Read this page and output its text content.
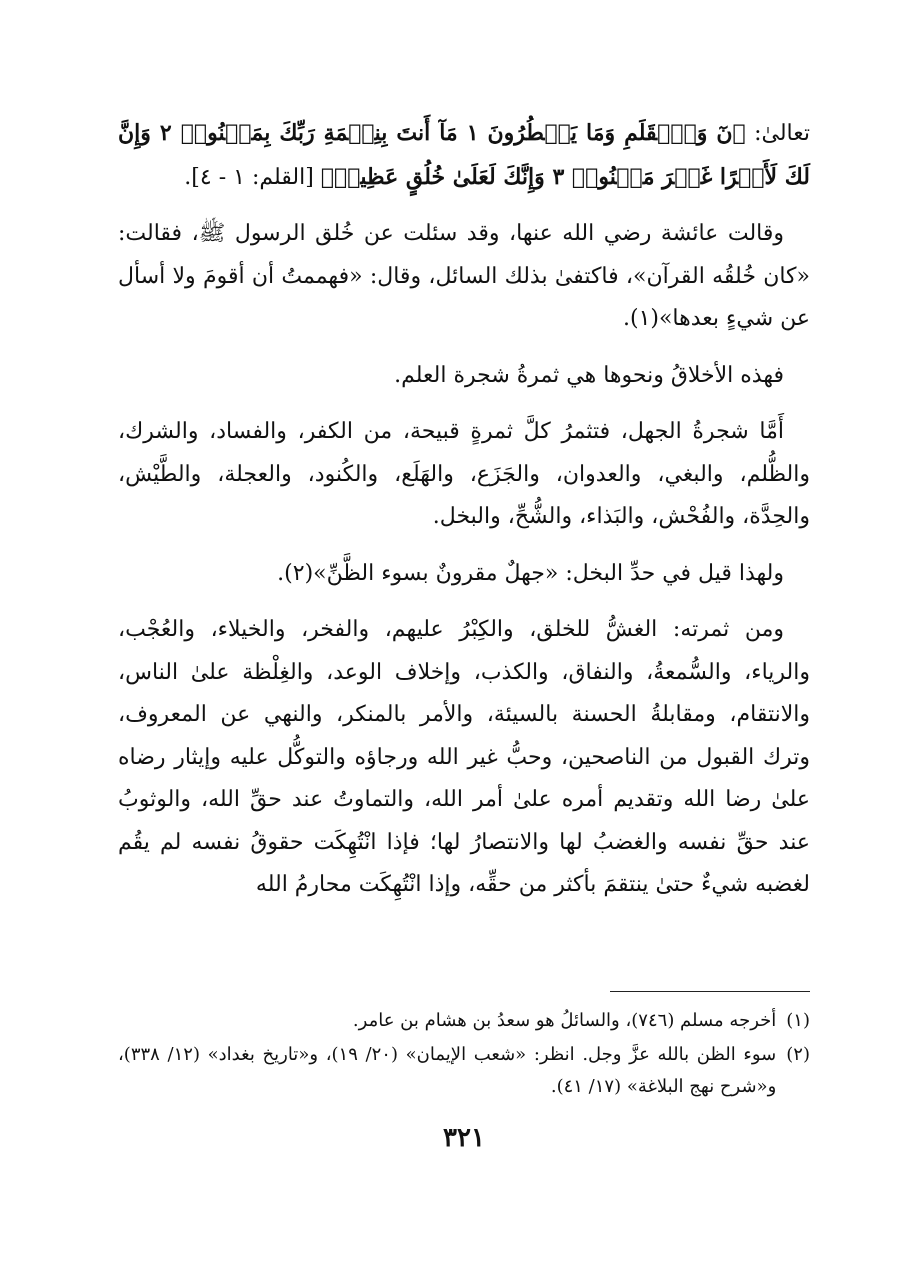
تعالىٰ: ﴿نٓ وَٱلۡقَلَمِ وَمَا يَسۡطُرُونَ ١ مَآ أَنتَ بِنِعۡمَةِ رَبِّكَ بِمَجۡنُونٖ ٢ وَإِنَّ لَكَ لَأَجۡرًا غَيۡرَ مَمۡنُونٖ ٣ وَإِنَّكَ لَعَلَىٰ خُلُقٍ عَظِيمٖ﴾ [القلم: ١ - ٤].

وقالت عائشة رضي الله عنها، وقد سئلت عن خُلق الرسول ﷺ، فقالت: «كان خُلقُه القرآن»، فاكتفىٰ بذلك السائل، وقال: «فهممتُ أن أقومَ ولا أسأل عن شيءٍ بعدها»(١).

فهذه الأخلاقُ ونحوها هي ثمرةُ شجرة العلم.

أَمَّا شجرةُ الجهل، فتثمرُ كلَّ ثمرةٍ قبيحة، من الكفر، والفساد، والشرك، والظُّلم، والبغي، والعدوان، والجَزَع، والهَلَع، والكُنود، والعجلة، والطَّيْش، والحِدَّة، والفُحْش، والبَذاء، والشُّحِّ، والبخل.

ولهذا قيل في حدِّ البخل: «جهلٌ مقرونٌ بسوء الظَّنِّ»(٢).

ومن ثمرته: الغشُّ للخلق، والكِبْرُ عليهم، والفخر، والخيلاء، والعُجْب، والرياء، والسُّمعةُ، والنفاق، والكذب، وإخلاف الوعد، والغِلْظة علىٰ الناس، والانتقام، ومقابلةُ الحسنة بالسيئة، والأمر بالمنكر، والنهي عن المعروف، وترك القبول من الناصحين، وحبُّ غير الله ورجاؤه والتوكُّل عليه وإيثار رضاه علىٰ رضا الله وتقديم أمره علىٰ أمر الله، والتماوتُ عند حقِّ الله، والوثوبُ عند حقِّ نفسه والغضبُ لها والانتصارُ لها؛ فإذا انْتُهِكَت حقوقُ نفسه لم يقُم لغضبه شيءٌ حتىٰ ينتقمَ بأكثر من حقِّه، وإذا انْتُهِكَت محارمُ الله

(١)
أخرجه مسلم (٧٤٦)، والسائلُ هو سعدُ بن هشام بن عامر.
(٢)
سوء الظن بالله عزَّ وجل. انظر: «شعب الإيمان» (٢٠/ ١٩)، و«تاريخ بغداد» (١٢/ ٣٣٨)، و«شرح نهج البلاغة» (١٧/ ٤١).
٣٢١
